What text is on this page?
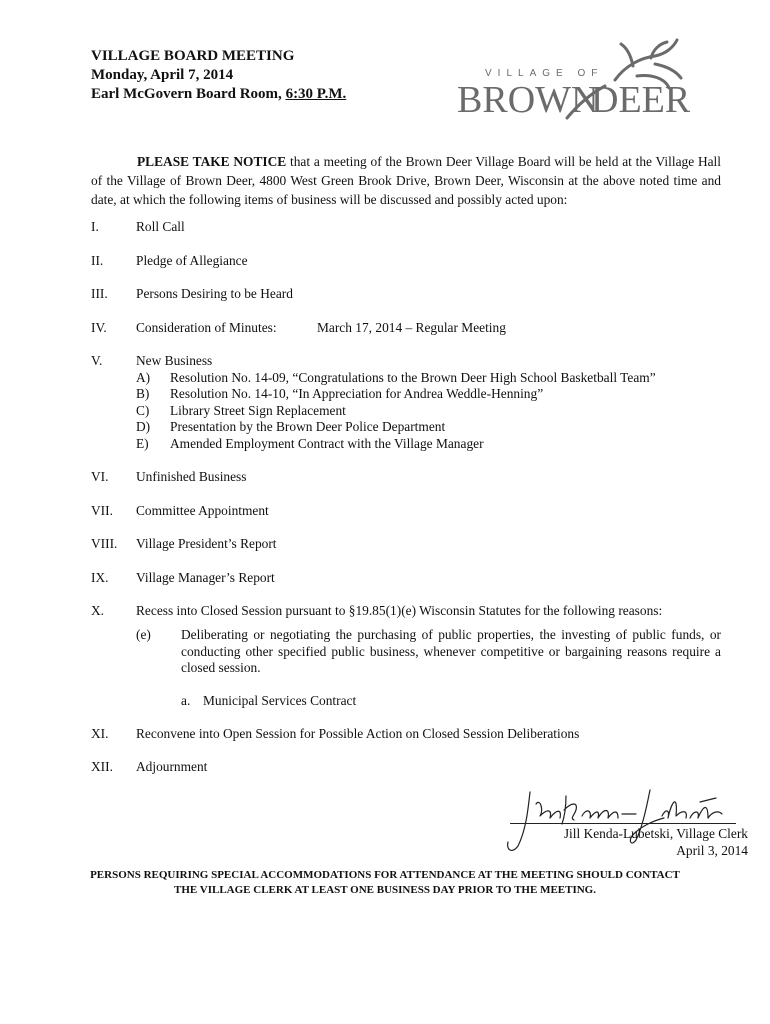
VILLAGE BOARD MEETING
Monday, April 7, 2014
Earl McGovern Board Room, 6:30 P.M.
VILLAGE OF
BROWN
DEER
PLEASE TAKE NOTICE that a meeting of the Brown Deer Village Board will be held at the Village Hall of the Village of Brown Deer, 4800 West Green Brook Drive, Brown Deer, Wisconsin at the above noted time and date, at which the following items of business will be discussed and possibly acted upon:
I.	Roll Call
II. Pledge of Allegiance
III. Persons Desiring to be Heard
IV. Consideration of Minutes:	March 17, 2014 – Regular Meeting
V.	New Business
A) Resolution No. 14-09, “Congratulations to the Brown Deer High School Basketball Team”
B) Resolution No. 14-10, “In Appreciation for Andrea Weddle-Henning”
C) Library Street Sign Replacement
D) Presentation by the Brown Deer Police Department
E) Amended Employment Contract with the Village Manager
VI. Unfinished Business
VII. Committee Appointment
VIII. Village President’s Report
IX. Village Manager’s Report
X. Recess into Closed Session pursuant to §19.85(1)(e) Wisconsin Statutes for the following reasons:
(e) Deliberating or negotiating the purchasing of public properties, the investing of public funds, or conducting other specified public business, whenever competitive or bargaining reasons require a closed session.
a. Municipal Services Contract
XI. Reconvene into Open Session for Possible Action on Closed Session Deliberations
XII. Adjournment
Jill Kenda-Lubetski, Village Clerk
April 3, 2014
PERSONS REQUIRING SPECIAL ACCOMMODATIONS FOR ATTENDANCE AT THE MEETING SHOULD CONTACT
THE VILLAGE CLERK AT LEAST ONE BUSINESS DAY PRIOR TO THE MEETING.
